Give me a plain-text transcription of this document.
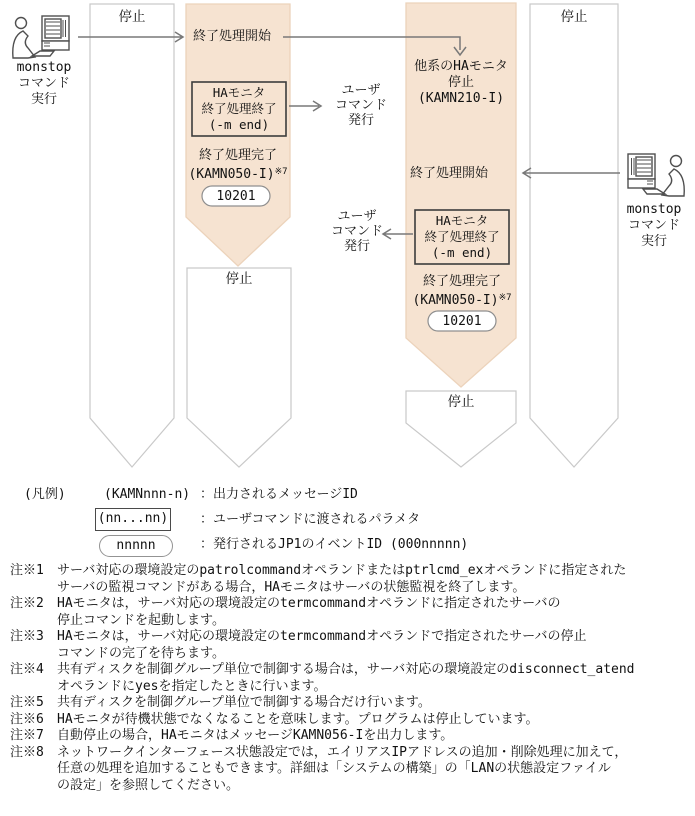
停止	停止
monstop
コマンド
実行
終了処理開始
HAモニタ
終了処理終了
(-m end)
ユーザ
コマンド
発行
終了処理完了
(KAMN050-I)$^{※7}$
10201
停止
他系のHAモニタ
停止
(KAMN210-I)
終了処理開始
ユーザ
コマンド
発行
HAモニタ
終了処理終了
(-m end)
終了処理完了
(KAMN050-I)$^{※7}$
10201
停止
monstop
コマンド
実行
(凡例)	(KAMNnnn-n) ：出力されるメッセージID
(nn...nn) ：ユーザコマンドに渡されるパラメタ
nnnnn	：発行されるJP1のイベントID (000nnnnn)
注※1	サーバ対応の環境設定のpatrolcommandオペランドまたはptrlcmd_exオペランドに指定された
サーバの監視コマンドがある場合，HAモニタはサーバの状態監視を終了します。
注※2	HAモニタは，サーバ対応の環境設定のtermcommandオペランドに指定されたサーバの
停止コマンドを起動します。
注※3	HAモニタは，サーバ対応の環境設定のtermcommandオペランドで指定されたサーバの停止
コマンドの完了を待ちます。
注※4	共有ディスクを制御グループ単位で制御する場合は，サーバ対応の環境設定のdisconnect_atend
オペランドにyesを指定したときに行います。
注※5	共有ディスクを制御グループ単位で制御する場合だけ行います。
注※6	HAモニタが待機状態でなくなることを意味します。プログラムは停止しています。
注※7	自動停止の場合，HAモニタはメッセージKAMN056-Iを出力します。
注※8	ネットワークインターフェース状態設定では，エイリアスIPアドレスの追加・削除処理に加えて，
任意の処理を追加することもできます。詳細は「システムの構築」の「LANの状態設定ファイル
の設定」を参照してください。
